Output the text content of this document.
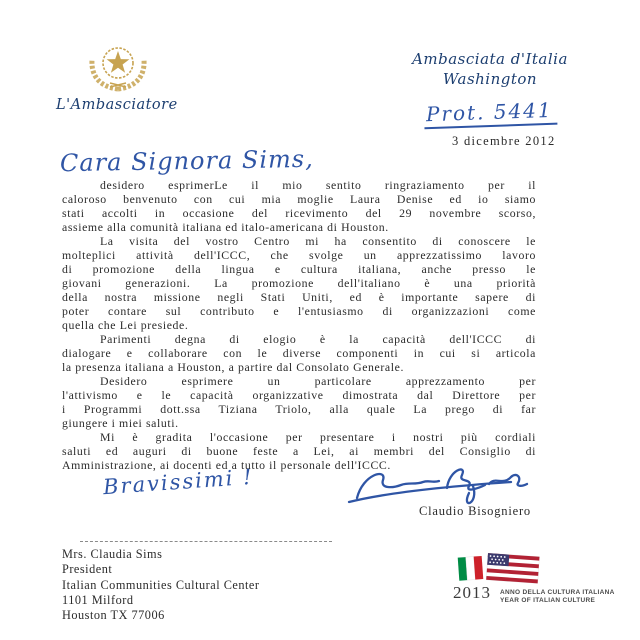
L'Ambasciatore
Ambasciata d'Italia
Washington
Prot. 5441
3 dicembre 2012
Cara Signora Sims,
desidero esprimerLe il mio sentito ringraziamento per il
caloroso benvenuto con cui mia moglie Laura Denise ed io siamo
stati accolti in occasione del ricevimento del 29 novembre scorso,
assieme alla comunità italiana ed italo-americana di Houston.
La visita del vostro Centro mi ha consentito di conoscere le
molteplici attività dell'ICCC, che svolge un apprezzatissimo lavoro
di promozione della lingua e cultura italiana, anche presso le
giovani generazioni. La promozione dell'italiano è una priorità
della nostra missione negli Stati Uniti, ed è importante sapere di
poter contare sul contributo e l'entusiasmo di organizzazioni come
quella che Lei presiede.
Parimenti degna di elogio è la capacità dell'ICCC di
dialogare e collaborare con le diverse componenti in cui si articola
la presenza italiana a Houston, a partire dal Consolato Generale.
Desidero esprimere un particolare apprezzamento per
l'attivismo e le capacità organizzative dimostrata dal Direttore per
i Programmi dott.ssa Tiziana Triolo, alla quale La prego di far
giungere i miei saluti.
Mi è gradita l'occasione per presentare i nostri più cordiali
saluti ed auguri di buone feste a Lei, ai membri del Consiglio di
Amministrazione, ai docenti ed a tutto il personale dell'ICCC.
Bravissimi !
Claudio Bisogniero
Mrs. Claudia Sims
President
Italian Communities Cultural Center
1101 Milford
Houston TX 77006
2013 ANNO DELLA CULTURA ITALIANA
YEAR OF ITALIAN CULTURE
